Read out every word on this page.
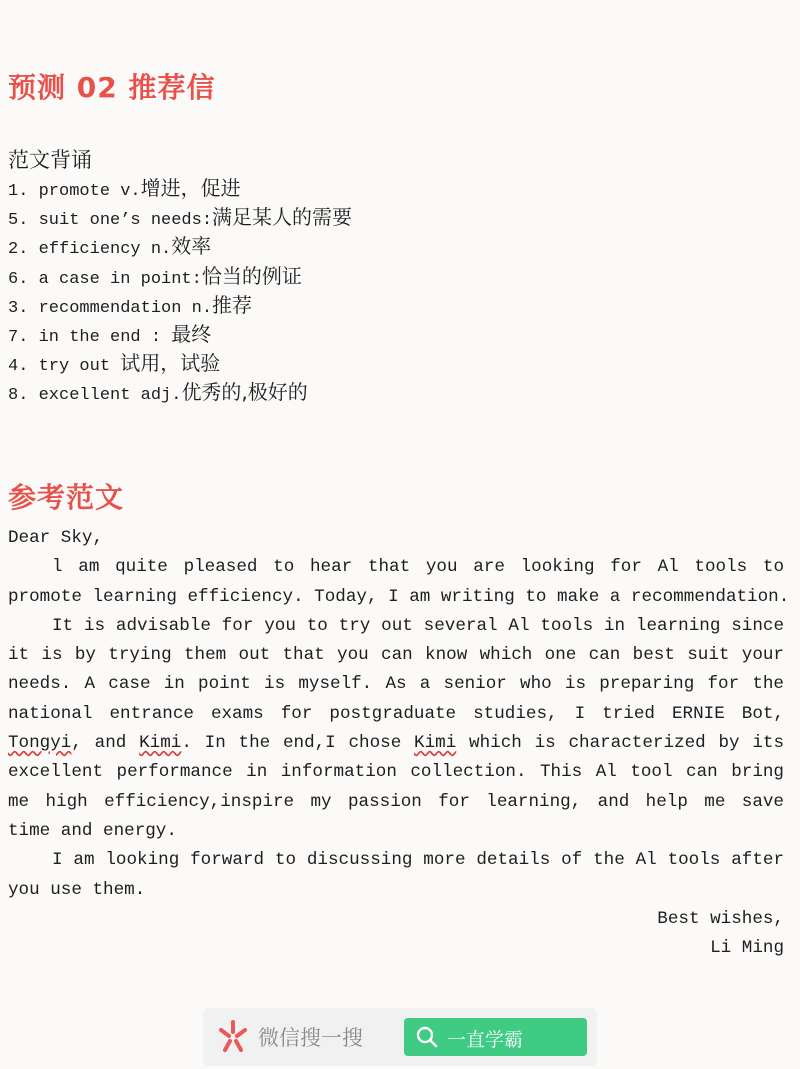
预测 02 推荐信
范文背诵
1. promote v.增进，促进
5. suit one’s needs:满足某人的需要
2. efficiency n.效率
6. a case in point:恰当的例证
3. recommendation n.推荐
7. in the end : 最终
4. try out 试用，试验
8. excellent adj.优秀的,极好的
参考范文
Dear Sky,
l am quite pleased to hear that you are looking for Al tools to
promote learning efficiency. Today, I am writing to make a recommendation.
It is advisable for you to try out several Al tools in learning since
it is by trying them out that you can know which one can best suit your
needs. A case in point is myself. As a senior who is preparing for the
national entrance exams for postgraduate studies, I tried ERNIE Bot,
Tongyi, and Kimi. In the end,I chose Kimi which is characterized by its
excellent performance in information collection. This Al tool can bring
me high efficiency,inspire my passion for learning, and help me save
time and energy.
I am looking forward to discussing more details of the Al tools after
you use them.
Best wishes,
Li Ming
微信搜一搜	一直学霸
